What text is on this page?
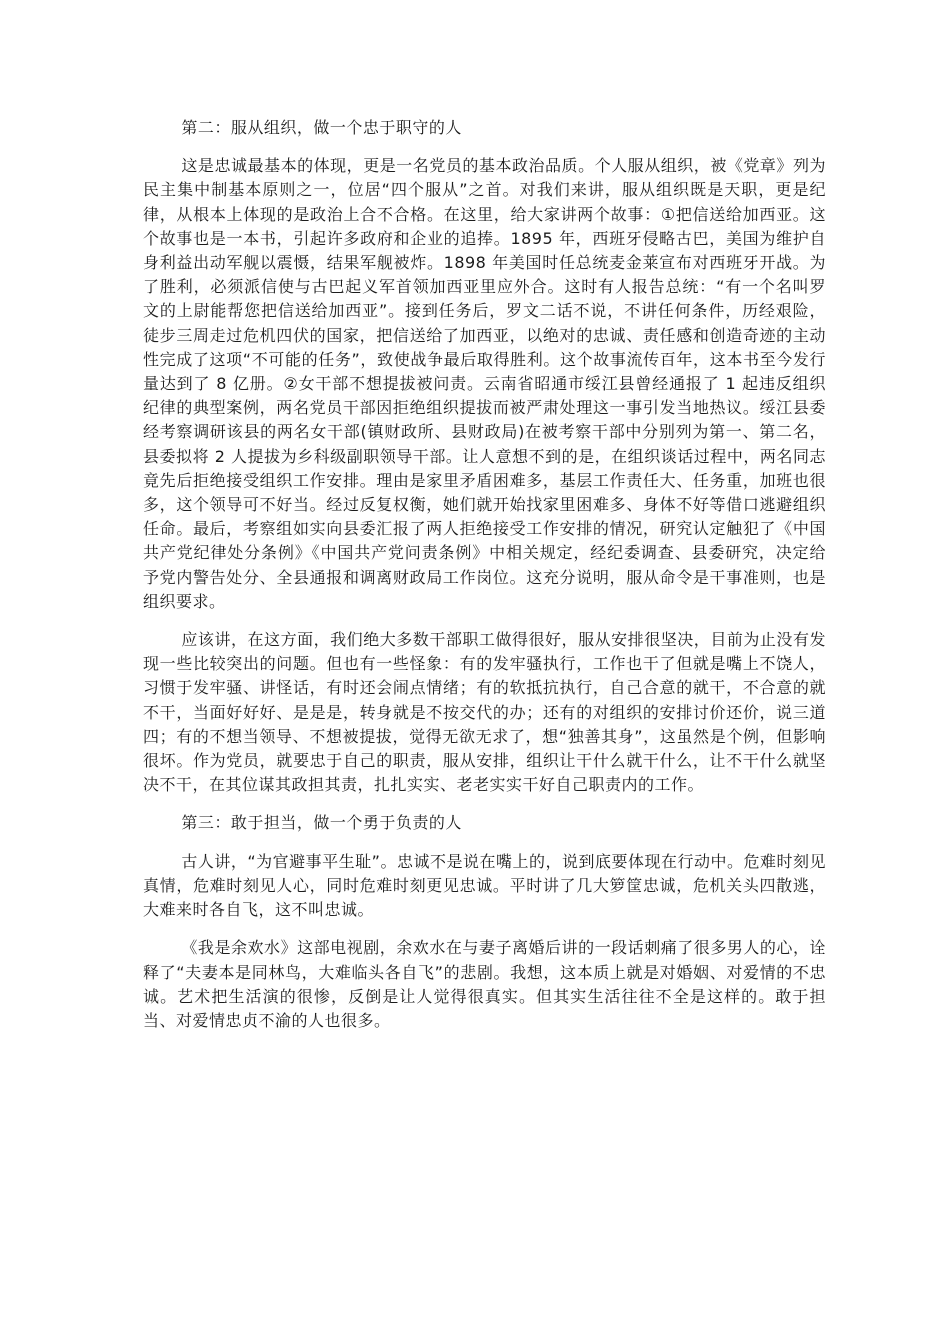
第二：服从组织，做一个忠于职守的人

这是忠诚最基本的体现，更是一名党员的基本政治品质。个人服从组织，被《党章》列为民主集中制基本原则之一，位居“四个服从”之首。对我们来讲，服从组织既是天职，更是纪律，从根本上体现的是政治上合不合格。在这里，给大家讲两个故事：①把信送给加西亚。这个故事也是一本书，引起许多政府和企业的追捧。1895 年，西班牙侵略古巴，美国为维护自身利益出动军舰以震慑，结果军舰被炸。1898 年美国时任总统麦金莱宣布对西班牙开战。为了胜利，必须派信使与古巴起义军首领加西亚里应外合。这时有人报告总统：“有一个名叫罗文的上尉能帮您把信送给加西亚”。接到任务后，罗文二话不说，不讲任何条件，历经艰险，徒步三周走过危机四伏的国家，把信送给了加西亚，以绝对的忠诚、责任感和创造奇迹的主动性完成了这项“不可能的任务”，致使战争最后取得胜利。这个故事流传百年，这本书至今发行量达到了 8 亿册。②女干部不想提拔被问责。云南省昭通市绥江县曾经通报了 1 起违反组织纪律的典型案例，两名党员干部因拒绝组织提拔而被严肃处理这一事引发当地热议。绥江县委经考察调研该县的两名女干部(镇财政所、县财政局)在被考察干部中分别列为第一、第二名，县委拟将 2 人提拔为乡科级副职领导干部。让人意想不到的是，在组织谈话过程中，两名同志竟先后拒绝接受组织工作安排。理由是家里矛盾困难多，基层工作责任大、任务重，加班也很多，这个领导可不好当。经过反复权衡，她们就开始找家里困难多、身体不好等借口逃避组织任命。最后，考察组如实向县委汇报了两人拒绝接受工作安排的情况，研究认定触犯了《中国共产党纪律处分条例》《中国共产党问责条例》中相关规定，经纪委调查、县委研究，决定给予党内警告处分、全县通报和调离财政局工作岗位。这充分说明，服从命令是干事准则，也是组织要求。

应该讲，在这方面，我们绝大多数干部职工做得很好，服从安排很坚决，目前为止没有发现一些比较突出的问题。但也有一些怪象：有的发牢骚执行，工作也干了但就是嘴上不饶人，习惯于发牢骚、讲怪话，有时还会闹点情绪；有的软抵抗执行，自己合意的就干，不合意的就不干，当面好好好、是是是，转身就是不按交代的办；还有的对组织的安排讨价还价，说三道四；有的不想当领导、不想被提拔，觉得无欲无求了，想“独善其身”，这虽然是个例，但影响很坏。作为党员，就要忠于自己的职责，服从安排，组织让干什么就干什么，让不干什么就坚决不干，在其位谋其政担其责，扎扎实实、老老实实干好自己职责内的工作。

第三：敢于担当，做一个勇于负责的人

古人讲，“为官避事平生耻”。忠诚不是说在嘴上的，说到底要体现在行动中。危难时刻见真情，危难时刻见人心，同时危难时刻更见忠诚。平时讲了几大箩筐忠诚，危机关头四散逃，大难来时各自飞，这不叫忠诚。

《我是余欢水》这部电视剧，余欢水在与妻子离婚后讲的一段话刺痛了很多男人的心，诠释了“夫妻本是同林鸟，大难临头各自飞”的悲剧。我想，这本质上就是对婚姻、对爱情的不忠诚。艺术把生活演的很惨，反倒是让人觉得很真实。但其实生活往往不全是这样的。敢于担当、对爱情忠贞不渝的人也很多。
